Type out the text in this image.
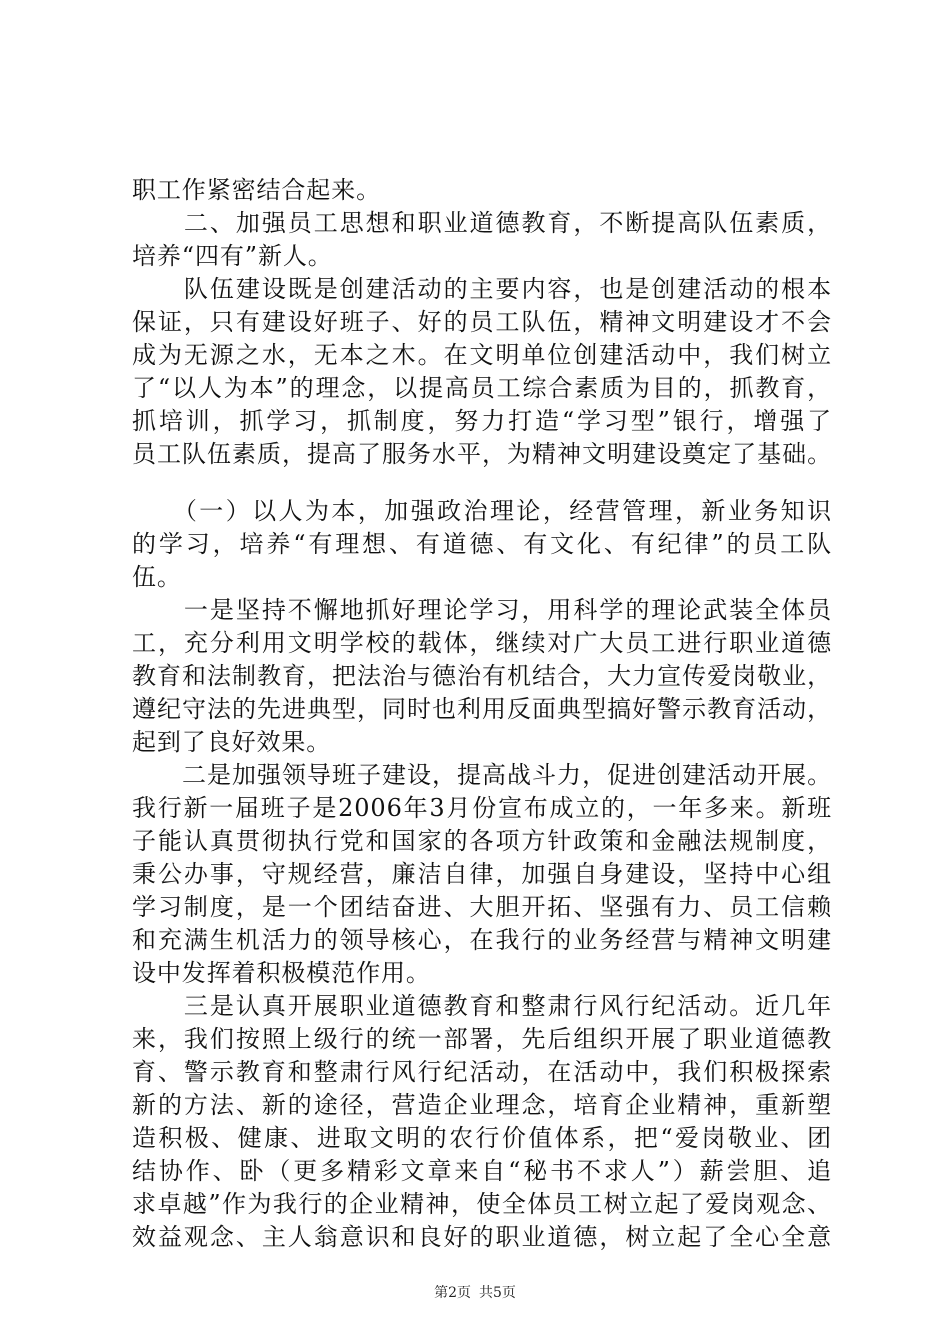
职工作紧密结合起来。
　　二、加强员工思想和职业道德教育，不断提高队伍素质，
培养“四有”新人。
　　队伍建设既是创建活动的主要内容，也是创建活动的根本
保证，只有建设好班子、好的员工队伍，精神文明建设才不会
成为无源之水，无本之木。在文明单位创建活动中，我们树立
了“以人为本”的理念，以提高员工综合素质为目的，抓教育，
抓培训，抓学习，抓制度，努力打造“学习型”银行，增强了
员工队伍素质，提高了服务水平，为精神文明建设奠定了基础。
　　（一）以人为本，加强政治理论，经营管理，新业务知识
的学习，培养“有理想、有道德、有文化、有纪律”的员工队
伍。
　　一是坚持不懈地抓好理论学习，用科学的理论武装全体员
工，充分利用文明学校的载体，继续对广大员工进行职业道德
教育和法制教育，把法治与德治有机结合，大力宣传爱岗敬业，
遵纪守法的先进典型，同时也利用反面典型搞好警示教育活动，
起到了良好效果。
　　二是加强领导班子建设，提高战斗力，促进创建活动开展。
我行新一届班子是2006年3月份宣布成立的，一年多来。新班
子能认真贯彻执行党和国家的各项方针政策和金融法规制度，
秉公办事，守规经营，廉洁自律，加强自身建设，坚持中心组
学习制度，是一个团结奋进、大胆开拓、坚强有力、员工信赖
和充满生机活力的领导核心，在我行的业务经营与精神文明建
设中发挥着积极模范作用。
　　三是认真开展职业道德教育和整肃行风行纪活动。近几年
来，我们按照上级行的统一部署，先后组织开展了职业道德教
育、警示教育和整肃行风行纪活动，在活动中，我们积极探索
新的方法、新的途径，营造企业理念，培育企业精神，重新塑
造积极、健康、进取文明的农行价值体系，把“爱岗敬业、团
结协作、卧（更多精彩文章来自“秘书不求人”）薪尝胆、追
求卓越”作为我行的企业精神，使全体员工树立起了爱岗观念、
效益观念、主人翁意识和良好的职业道德，树立起了全心全意
第2页 共5页
